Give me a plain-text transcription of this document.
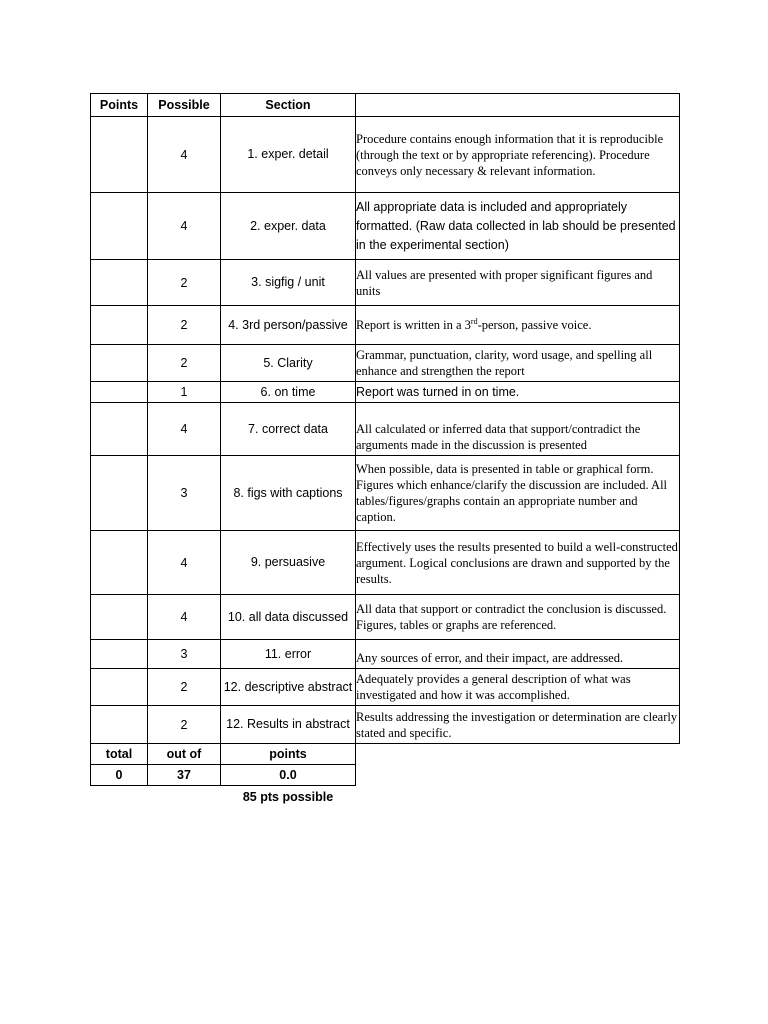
Points	Possible	Section	
	4	1. exper. detail	Procedure contains enough information that it is reproducible (through the text or by appropriate referencing). Procedure conveys only necessary & relevant information.
	4	2. exper. data	All appropriate data is included and appropriately formatted. (Raw data collected in lab should be presented in the experimental section)
	2	3. sigfig / unit	All values are presented with proper significant figures and units
	2	4. 3rd person/passive	Report is written in a 3rd-person, passive voice.
	2	5. Clarity	Grammar, punctuation, clarity, word usage, and spelling all enhance and strengthen the report
	1	6. on time	Report was turned in on time.
	4	7. correct data	All calculated or inferred data that support/contradict the arguments made in the discussion is presented
	3	8. figs with captions	When possible, data is presented in table or graphical form. Figures which enhance/clarify the discussion are included. All tables/figures/graphs contain an appropriate number and caption.
	4	9. persuasive	Effectively uses the results presented to build a well-constructed argument. Logical conclusions are drawn and supported by the results.
	4	10. all data discussed	All data that support or contradict the conclusion is discussed. Figures, tables or graphs are referenced.
	3	11. error	Any sources of error, and their impact, are addressed.
	2	12. descriptive abstract	Adequately provides a general description of what was investigated and how it was accomplished.
	2	12. Results in abstract	Results addressing the investigation or determination are clearly stated and specific.
total	out of	points	
0	37	0.0	
		85 pts possible	
